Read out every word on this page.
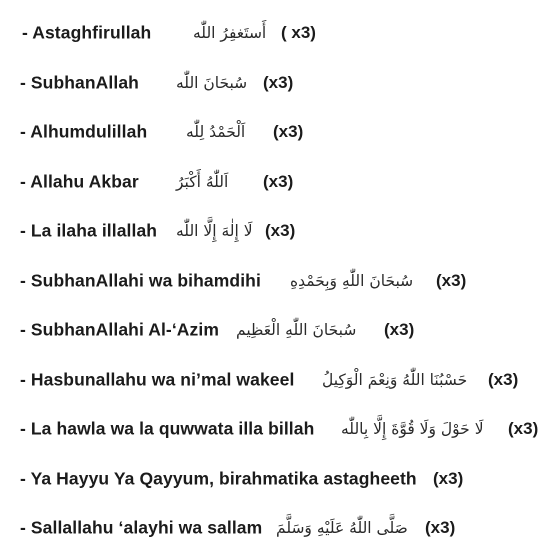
- Astaghfirullah	أَستَغفِرُ اللّٰه ( x3)
- SubhanAllah سُبحَانَ اللّٰه (x3)
- Alhumdulillah	اَلْحَمْدُ لِلّٰه (x3)
- Allahu Akbar اَللّٰهُ أَكْبَرُ (x3)
- La ilaha illallah لَا إِلٰهَ إِلَّا اللّٰه (x3)
- SubhanAllahi wa bihamdihi سُبحَانَ اللّٰهِ وَبِحَمْدِهِ (x3)
- SubhanAllahi Al-‘Azim سُبحَانَ اللّٰهِ الْعَظِيم (x3)
- Hasbunallahu wa ni’mal wakeel حَسْبُنَا اللّٰهُ وَنِعْمَ الْوَكِيلُ (x3)
- La hawla wa la quwwata illa billah لَا حَوْلَ وَلَا قُوَّةَ إِلَّا بِاللّٰه (x3)
- Ya Hayyu Ya Qayyum, birahmatika astagheeth (x3)
- Sallallahu ‘alayhi wa sallam صَلَّى اللّٰهُ عَلَيْهِ وَسَلَّمَ (x3)
